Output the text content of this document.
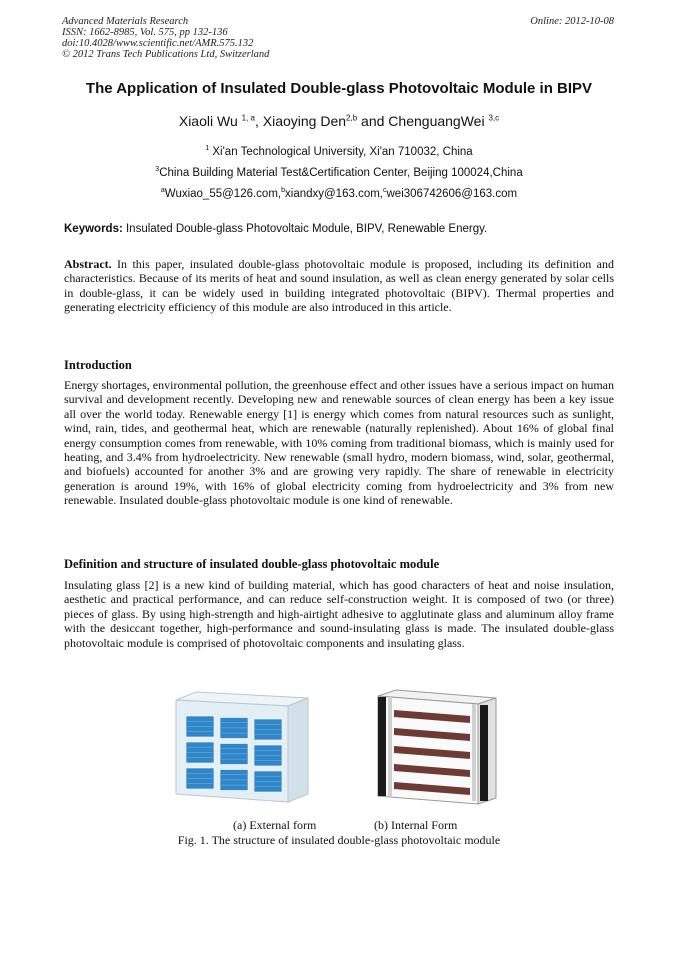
Advanced Materials Research
ISSN: 1662-8985, Vol. 575, pp 132-136
doi:10.4028/www.scientific.net/AMR.575.132
© 2012 Trans Tech Publications Ltd, Switzerland
Online: 2012-10-08
The Application of Insulated Double-glass Photovoltaic Module in BIPV
Xiaoli Wu $^{1, a}$, Xiaoying Den$^{2,b}$ and ChenguangWei $^{3,c}$
$^1$ Xi'an Technological University, Xi'an 710032, China
$^3$China Building Material Test&Certification Center, Beijing 100024,China
$^a$Wuxiao_55@126.com,$^b$xiandxy@163.com,$^c$wei306742606@163.com
Keywords: Insulated Double-glass Photovoltaic Module, BIPV, Renewable Energy.
Abstract. In this paper, insulated double-glass photovoltaic module is proposed, including its definition and characteristics. Because of its merits of heat and sound insulation, as well as clean energy generated by solar cells in double-glass, it can be widely used in building integrated photovoltaic (BIPV). Thermal properties and generating electricity efficiency of this module are also introduced in this article.
Introduction
Energy shortages, environmental pollution, the greenhouse effect and other issues have a serious impact on human survival and development recently. Developing new and renewable sources of clean energy has been a key issue all over the world today. Renewable energy [1] is energy which comes from natural resources such as sunlight, wind, rain, tides, and geothermal heat, which are renewable (naturally replenished). About 16% of global final energy consumption comes from renewable, with 10% coming from traditional biomass, which is mainly used for heating, and 3.4% from hydroelectricity. New renewable (small hydro, modern biomass, wind, solar, geothermal, and biofuels) accounted for another 3% and are growing very rapidly. The share of renewable in electricity generation is around 19%, with 16% of global electricity coming from hydroelectricity and 3% from new renewable. Insulated double-glass photovoltaic module is one kind of renewable.
Definition and structure of insulated double-glass photovoltaic module
Insulating glass [2] is a new kind of building material, which has good characters of heat and noise insulation, aesthetic and practical performance, and can reduce self-construction weight. It is composed of two (or three) pieces of glass. By using high-strength and high-airtight adhesive to agglutinate glass and aluminum alloy frame with the desiccant together, high-performance and sound-insulating glass is made. The insulated double-glass photovoltaic module is comprised of photovoltaic components and insulating glass.
(a) External form	(b) Internal Form
Fig. 1. The structure of insulated double-glass photovoltaic module
